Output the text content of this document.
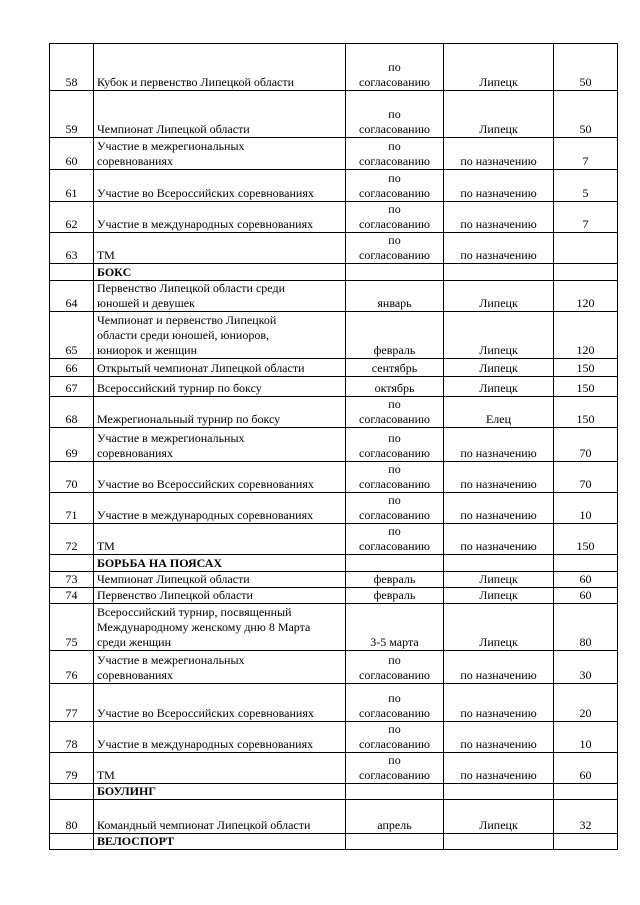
58	Кубок и первенство Липецкой области	по
согласованию	Липецк	50
59	Чемпионат Липецкой области	по
согласованию	Липецк	50
60	Участие в межрегиональных
соревнованиях	по
согласованию	по назначению	7
61	Участие во Всероссийских соревнованиях	по
согласованию	по назначению	5
62	Участие в международных соревнованиях	по
согласованию	по назначению	7
63	ТМ	по
согласованию	по назначению	
	БОКС			
64	Первенство Липецкой области среди
юношей и девушек	январь	Липецк	120
65	Чемпионат и первенство Липецкой
области среди юношей, юниоров,
юниорок и женщин	февраль	Липецк	120
66	Открытый чемпионат Липецкой области	сентябрь	Липецк	150
67	Всероссийский турнир по боксу	октябрь	Липецк	150
68	Межрегиональный турнир по боксу	по
согласованию	Елец	150
69	Участие в межрегиональных
соревнованиях	по
согласованию	по назначению	70
70	Участие во Всероссийских соревнованиях	по
согласованию	по назначению	70
71	Участие в международных соревнованиях	по
согласованию	по назначению	10
72	ТМ	по
согласованию	по назначению	150
	БОРЬБА НА ПОЯСАХ			
73	Чемпионат Липецкой области	февраль	Липецк	60
74	Первенство Липецкой области	февраль	Липецк	60
75	Всероссийский турнир, посвященный
Международному женскому дню 8 Марта
среди женщин	3-5 марта	Липецк	80
76	Участие в межрегиональных
соревнованиях	по
согласованию	по назначению	30
77	Участие во Всероссийских соревнованиях	по
согласованию	по назначению	20
78	Участие в международных соревнованиях	по
согласованию	по назначению	10
79	ТМ	по
согласованию	по назначению	60
	БОУЛИНГ			
80	Командный чемпионат Липецкой области	апрель	Липецк	32
	ВЕЛОСПОРТ			
